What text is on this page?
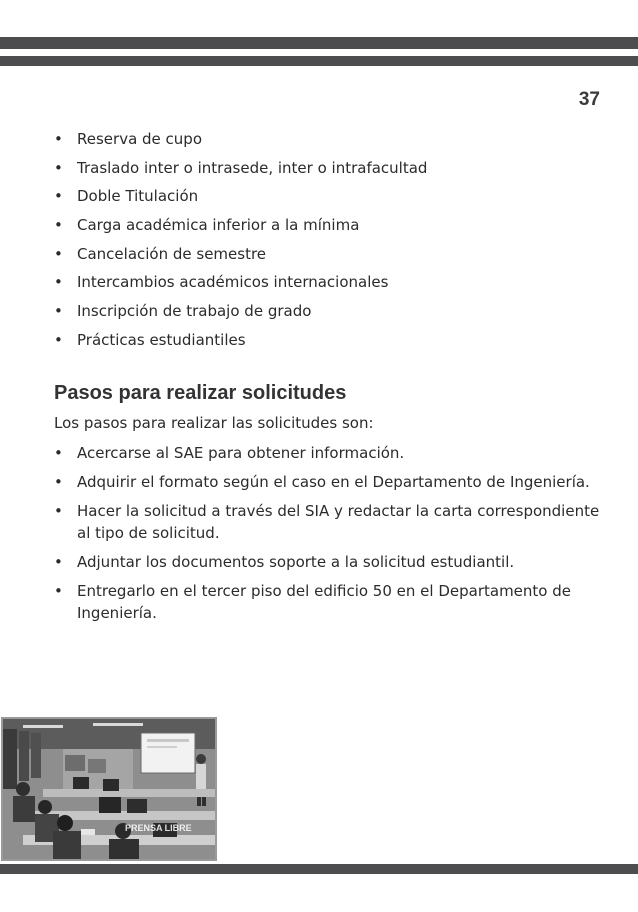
37
• Reserva de cupo
• Traslado inter o intrasede, inter o intrafacultad
• Doble Titulación
• Carga académica inferior a la mínima
• Cancelación de semestre
• Intercambios académicos internacionales
• Inscripción de trabajo de grado
• Prácticas estudiantiles
Pasos para realizar solicitudes
Los pasos para realizar las solicitudes son:
• Acercarse al SAE para obtener información.
• Adquirir el formato según el caso en el Departamento de Ingeniería.
• Hacer la solicitud a través del SIA y redactar la carta correspondiente al tipo de solicitud.
• Adjuntar los documentos soporte a la solicitud estudiantil.
• Entregarlo en el tercer piso del edificio 50 en el Departamento de Ingeniería.
PRENSA LIBRE
